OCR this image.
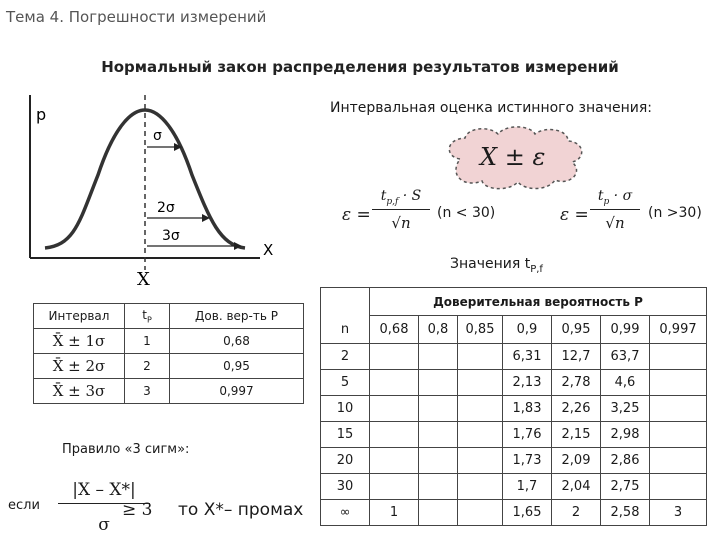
Тема 4. Погрешности измерений
Нормальный закон распределения результатов измерений
p
X
X
σ
2σ
3σ
Интервальная оценка истинного значения:
X ± ε
ε =
$t_{p,f} \cdot S$
√n
(n < 30)	ε =
$t_p \cdot \sigma$
√n
(n >30)
Значения $t_{P,f}$
Интервал	$t_P$	Дов. вер-ть P
X̄ ± 1σ	1	0,68
X̄ ± 2σ	2	0,95
X̄ ± 3σ	3	0,997
Правило «3 сигм»:
если
|X – X*|
σ
≥ 3 то X*– промах
	Доверительная вероятность P						
n	0,68	0,8	0,85	0,9	0,95	0,99	0,997
2				6,31	12,7	63,7	
5				2,13	2,78	4,6	
10				1,83	2,26	3,25	
15				1,76	2,15	2,98	
20				1,73	2,09	2,86	
30				1,7	2,04	2,75	
∞	1			1,65	2	2,58	3
